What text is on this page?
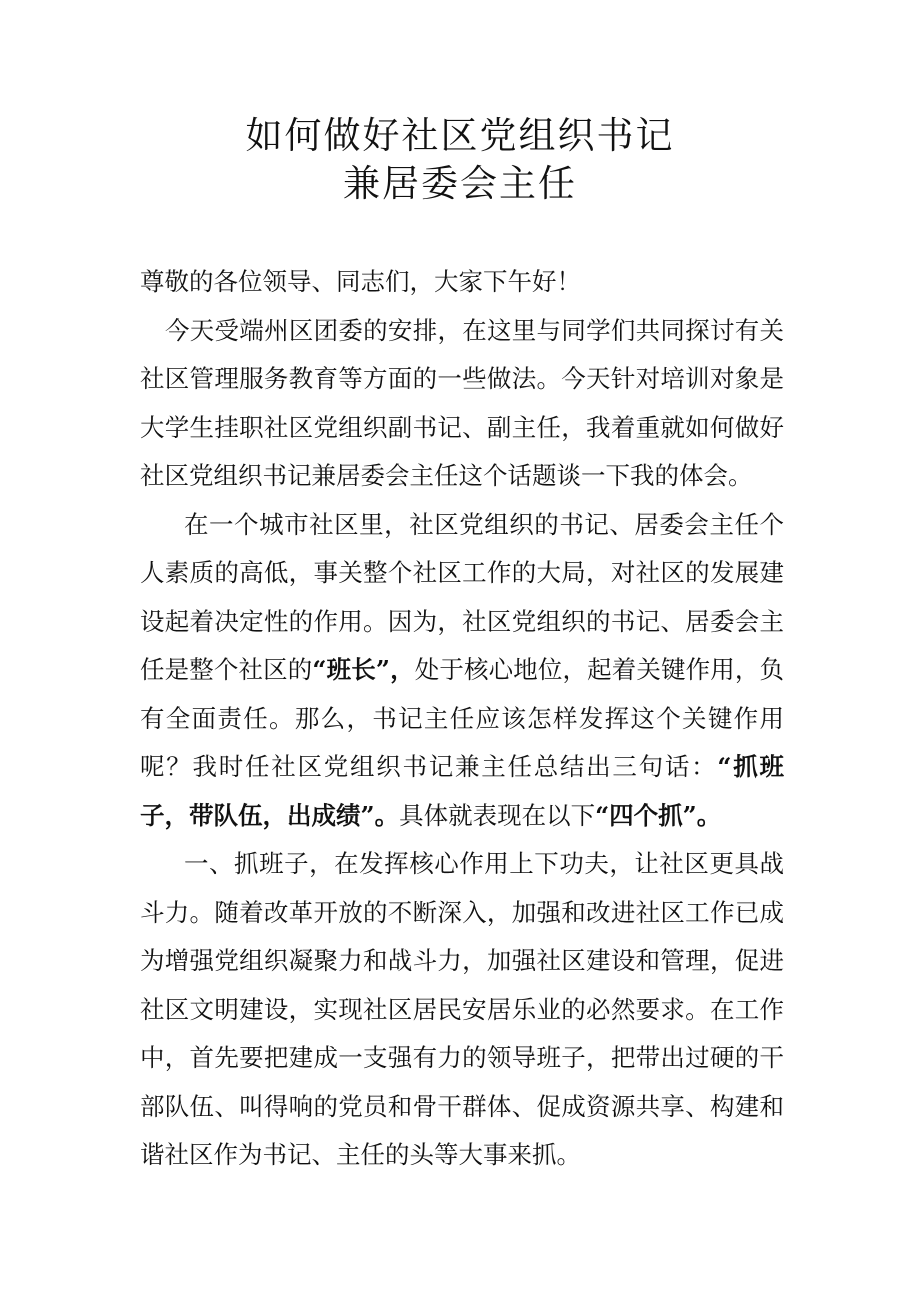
如何做好社区党组织书记
兼居委会主任

尊敬的各位领导、同志们，大家下午好！

今天受端州区团委的安排，在这里与同学们共同探讨有关社区管理服务教育等方面的一些做法。今天针对培训对象是大学生挂职社区党组织副书记、副主任，我着重就如何做好社区党组织书记兼居委会主任这个话题谈一下我的体会。

在一个城市社区里，社区党组织的书记、居委会主任个人素质的高低，事关整个社区工作的大局，对社区的发展建设起着决定性的作用。因为，社区党组织的书记、居委会主任是整个社区的“班长”，处于核心地位，起着关键作用，负有全面责任。那么，书记主任应该怎样发挥这个关键作用呢？我时任社区党组织书记兼主任总结出三句话：“抓班子，带队伍，出成绩”。具体就表现在以下“四个抓”。

一、抓班子，在发挥核心作用上下功夫，让社区更具战斗力。随着改革开放的不断深入，加强和改进社区工作已成为增强党组织凝聚力和战斗力，加强社区建设和管理，促进社区文明建设，实现社区居民安居乐业的必然要求。在工作中，首先要把建成一支强有力的领导班子，把带出过硬的干部队伍、叫得响的党员和骨干群体、促成资源共享、构建和谐社区作为书记、主任的头等大事来抓。
